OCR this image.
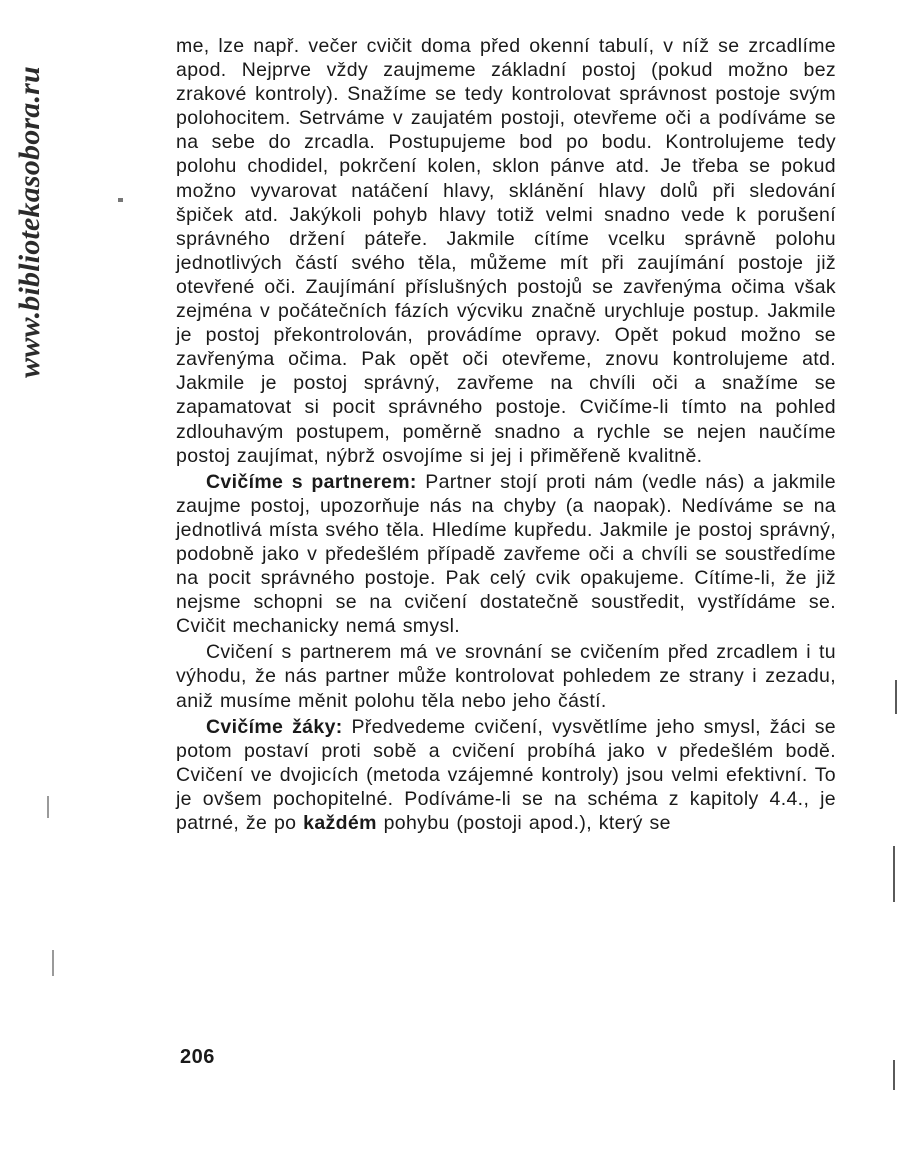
www.bibliotekasobora.ru

me, lze např. večer cvičit doma před okenní tabulí, v níž se zrcadlíme apod. Nejprve vždy zaujmeme základní postoj (pokud možno bez zrakové kontroly). Snažíme se tedy kontrolovat správnost postoje svým polohocitem. Setrváme v zaujatém postoji, otevřeme oči a podíváme se na sebe do zrcadla. Postupujeme bod po bodu. Kontrolujeme tedy polohu chodidel, pokrčení kolen, sklon pánve atd. Je třeba se pokud možno vyvarovat natáčení hlavy, sklánění hlavy dolů při sledování špiček atd. Jakýkoli pohyb hlavy totiž velmi snadno vede k porušení správného držení páteře. Jakmile cítíme vcelku správně polohu jednotlivých částí svého těla, můžeme mít při zaujímání postoje již otevřené oči. Zaujímání příslušných postojů se zavřenýma očima však zejména v počátečních fázích výcviku značně urychluje postup. Jakmile je postoj překontrolován, provádíme opravy. Opět pokud možno se zavřenýma očima. Pak opět oči otevřeme, znovu kontrolujeme atd. Jakmile je postoj správný, zavřeme na chvíli oči a snažíme se zapamatovat si pocit správného postoje. Cvičíme-li tímto na pohled zdlouhavým postupem, poměrně snadno a rychle se nejen naučíme postoj zaujímat, nýbrž osvojíme si jej i přiměřeně kvalitně.

Cvičíme s partnerem: Partner stojí proti nám (vedle nás) a jakmile zaujme postoj, upozorňuje nás na chyby (a naopak). Nedíváme se na jednotlivá místa svého těla. Hledíme kupředu. Jakmile je postoj správný, podobně jako v předešlém případě zavřeme oči a chvíli se soustředíme na pocit správného postoje. Pak celý cvik opakujeme. Cítíme-li, že již nejsme schopni se na cvičení dostatečně soustředit, vystřídáme se. Cvičit mechanicky nemá smysl.

Cvičení s partnerem má ve srovnání se cvičením před zrcadlem i tu výhodu, že nás partner může kontrolovat pohledem ze strany i zezadu, aniž musíme měnit polohu těla nebo jeho částí.

Cvičíme žáky: Předvedeme cvičení, vysvětlíme jeho smysl, žáci se potom postaví proti sobě a cvičení probíhá jako v předešlém bodě. Cvičení ve dvojicích (metoda vzájemné kontroly) jsou velmi efektivní. To je ovšem pochopitelné. Podíváme-li se na schéma z kapitoly 4.4., je patrné, že po každém pohybu (postoji apod.), který se

206
